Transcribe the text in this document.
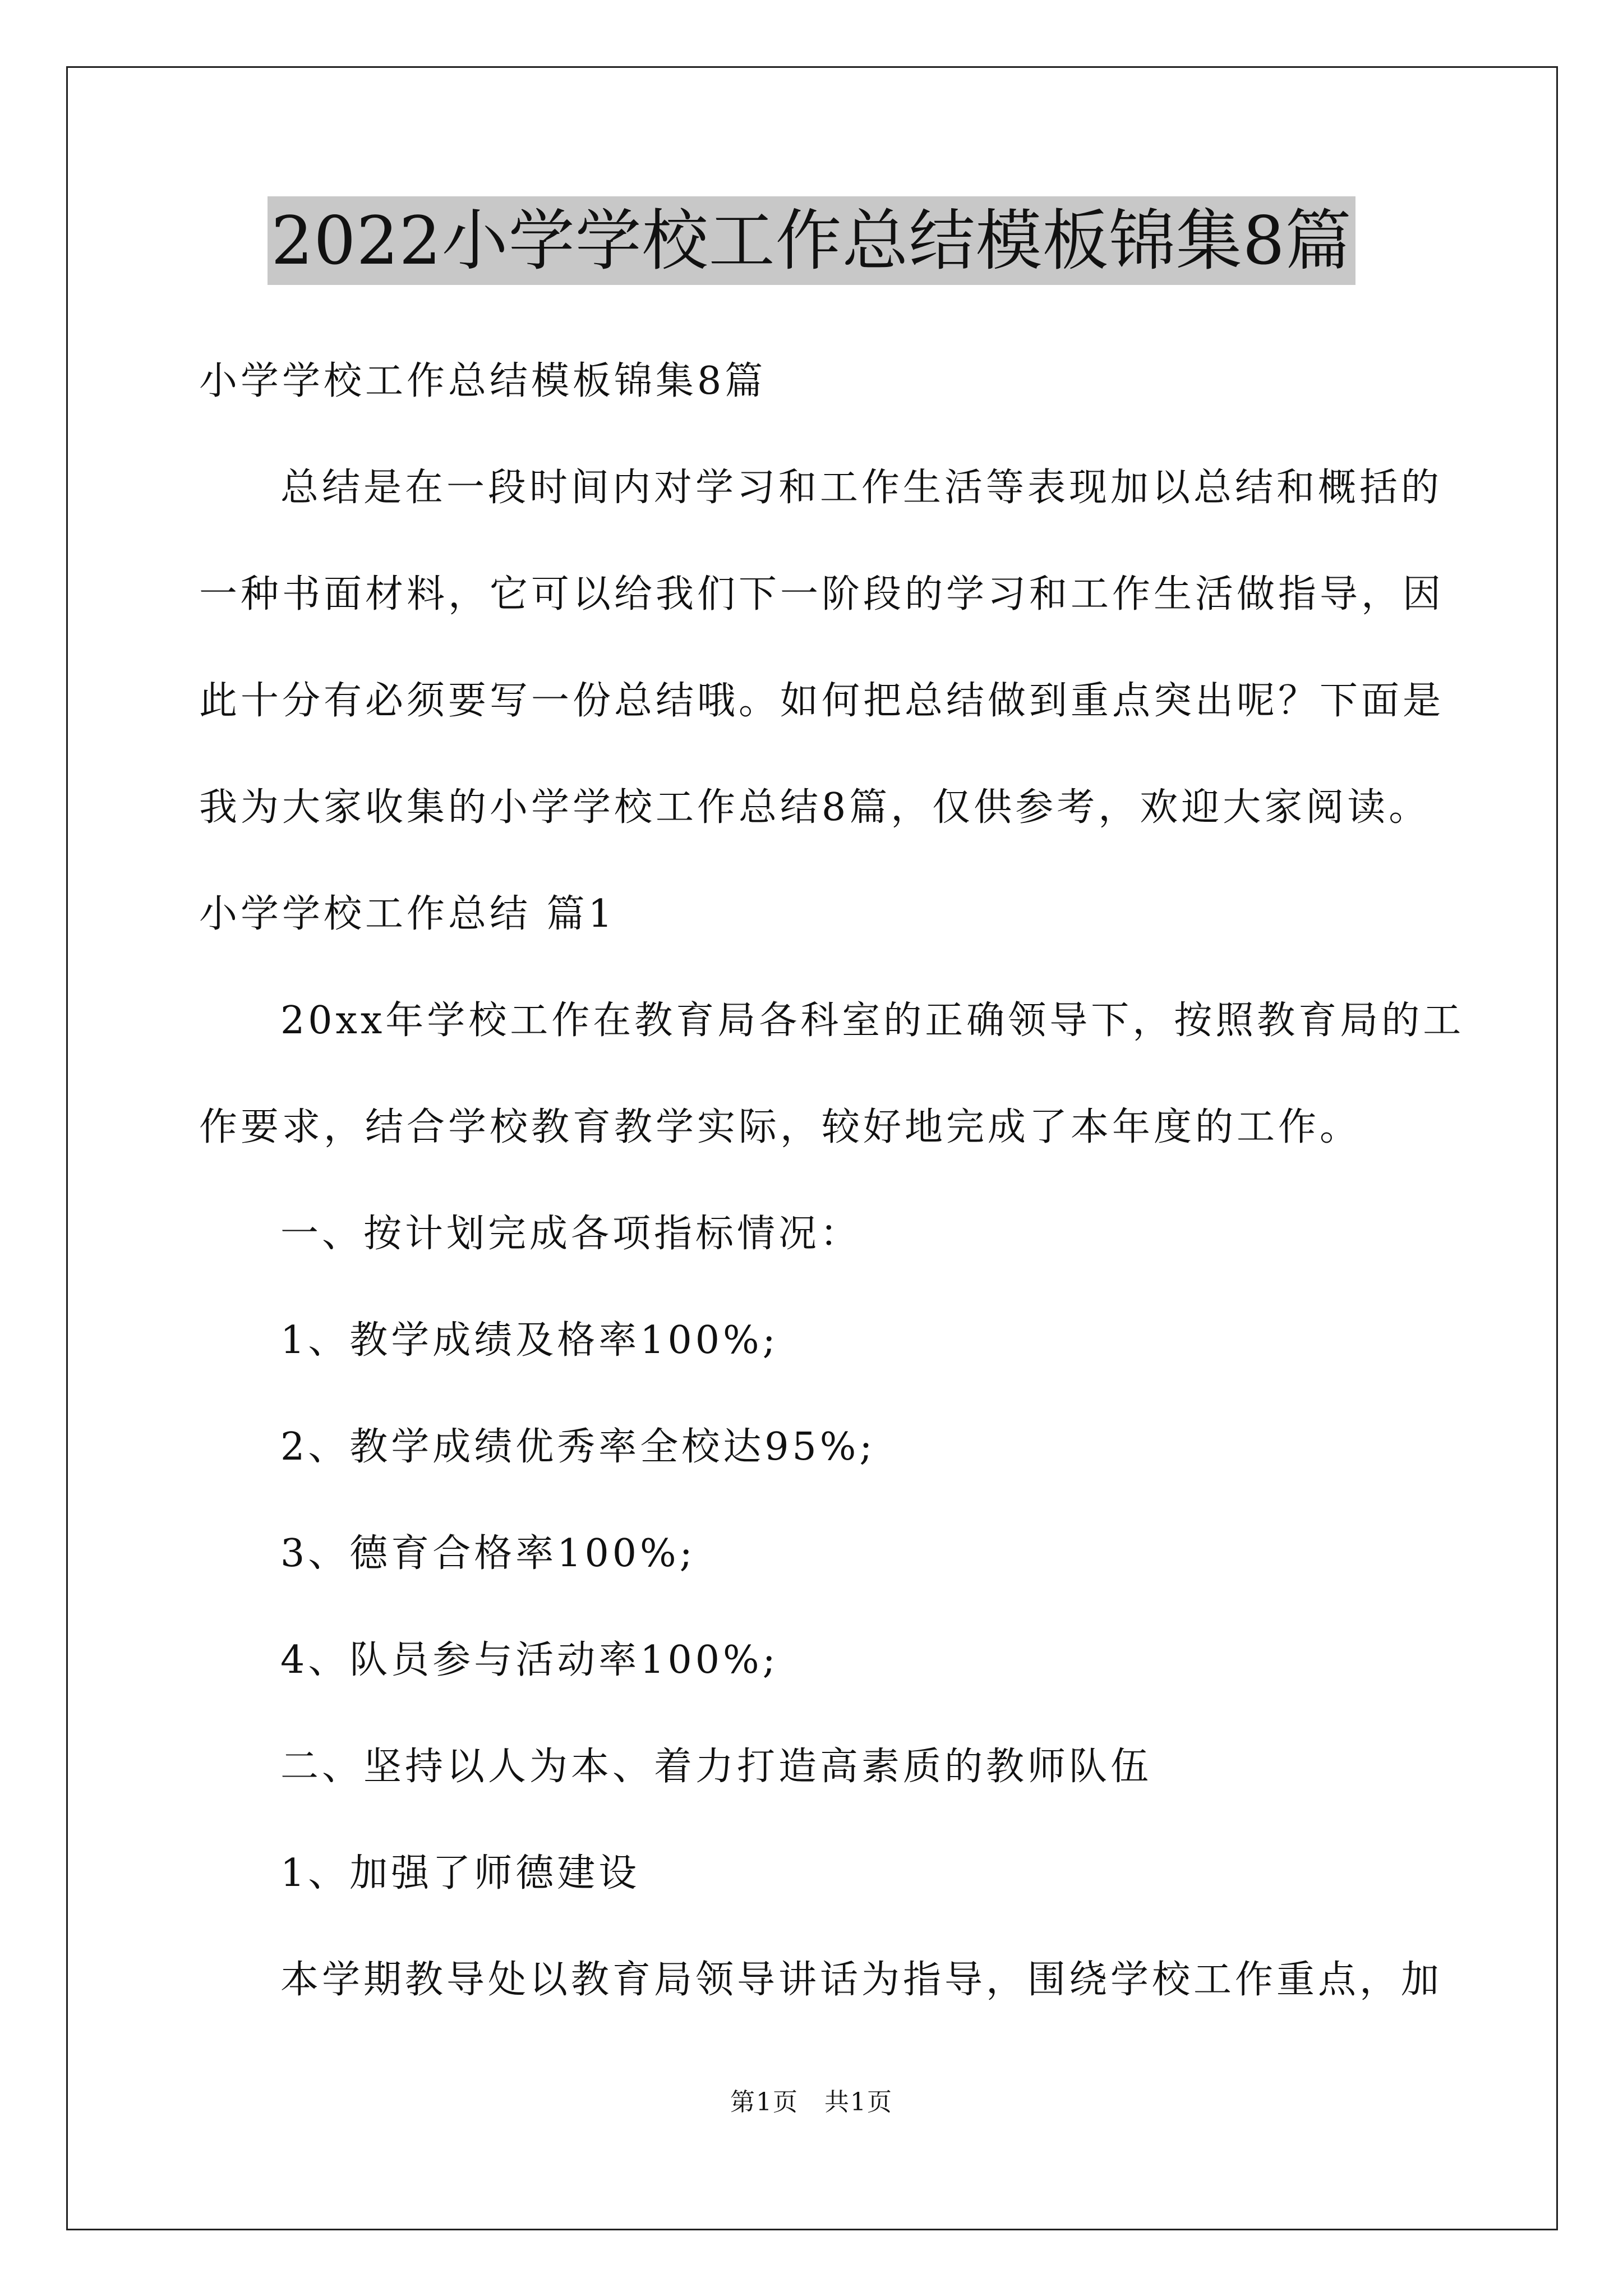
2022小学学校工作总结模板锦集8篇
小学学校工作总结模板锦集8篇
总结是在一段时间内对学习和工作生活等表现加以总结和概括的
一种书面材料，它可以给我们下一阶段的学习和工作生活做指导，因
此十分有必须要写一份总结哦。如何把总结做到重点突出呢？下面是
我为大家收集的小学学校工作总结8篇，仅供参考，欢迎大家阅读。
小学学校工作总结 篇1
20xx年学校工作在教育局各科室的正确领导下，按照教育局的工
作要求，结合学校教育教学实际，较好地完成了本年度的工作。
一、按计划完成各项指标情况：
1、教学成绩及格率100%;
2、教学成绩优秀率全校达95%;
3、德育合格率100%;
4、队员参与活动率100%;
二、坚持以人为本、着力打造高素质的教师队伍
1、加强了师德建设
本学期教导处以教育局领导讲话为指导，围绕学校工作重点，加
第1页　共1页
